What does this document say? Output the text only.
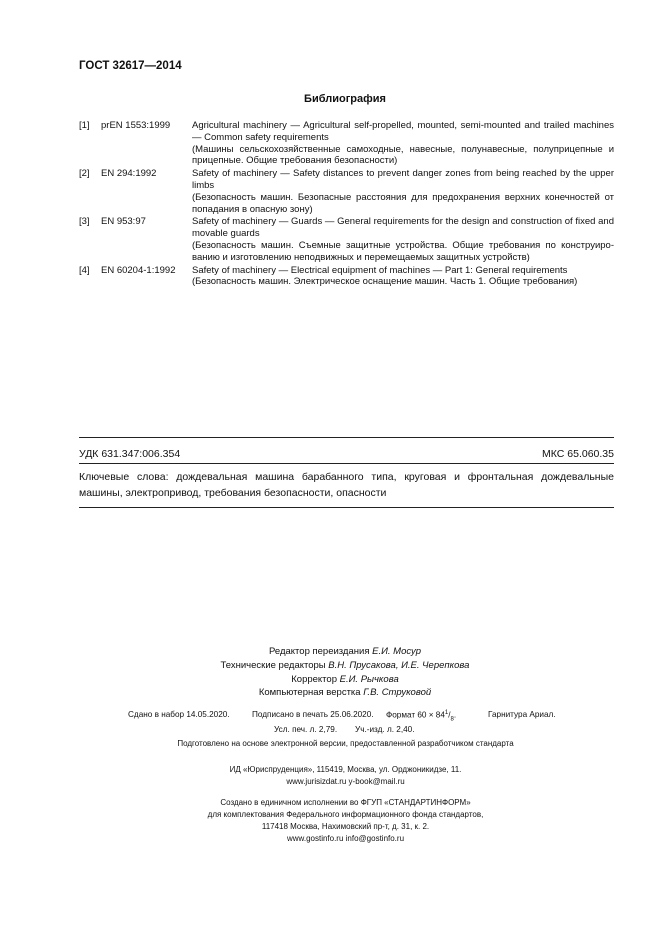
ГОСТ 32617—2014
Библиография
[1] prEN 1553:1999 Agricultural machinery — Agricultural self-propelled, mounted, semi-mounted and trailed machines — Common safety requirements
(Машины сельскохозяйственные самоходные, навесные, полунавесные, полуприцепные и прицепные. Общие требования безопасности)
[2] EN 294:1992	Safety of machinery — Safety distances to prevent danger zones from being reached by the upper limbs
(Безопасность машин. Безопасные расстояния для предохранения верхних конечностей от попадания в опасную зону)
[3] EN 953:97	Safety of machinery — Guards — General requirements for the design and construction of fixed and movable guards
(Безопасность машин. Съемные защитные устройства. Общие требования по конструиро-ванию и изготовлению неподвижных и перемещаемых защитных устройств)
[4] EN 60204-1:1992 Safety of machinery — Electrical equipment of machines — Part 1: General requirements
(Безопасность машин. Электрическое оснащение машин. Часть 1. Общие требования)
УДК 631.347:006.354	МКС 65.060.35
Ключевые слова: дождевальная машина барабанного типа, круговая и фронтальная дождевальные машины, электропривод, требования безопасности, опасности
Редактор переиздания Е.И. Мосур
Технические редакторы В.Н. Прусакова, И.Е. Черепкова
Корректор Е.И. Рычкова
Компьютерная верстка Г.В. Струковой
Сдано в набор 14.05.2020.	Подписано в печать 25.06.2020. Формат $60 \times 84^1/_8$.	Гарнитура Ариал.
Усл. печ. л. 2,79. Уч.-изд. л. 2,40.
Подготовлено на основе электронной версии, предоставленной разработчиком стандарта
ИД «Юриспруденция», 115419, Москва, ул. Орджоникидзе, 11.
www.jurisizdat.ru y-book@mail.ru
Создано в единичном исполнении во ФГУП «СТАНДАРТИНФОРМ»
для комплектования Федерального информационного фонда стандартов,
117418 Москва, Нахимовский пр-т, д. 31, к. 2.
www.gostinfo.ru info@gostinfo.ru
